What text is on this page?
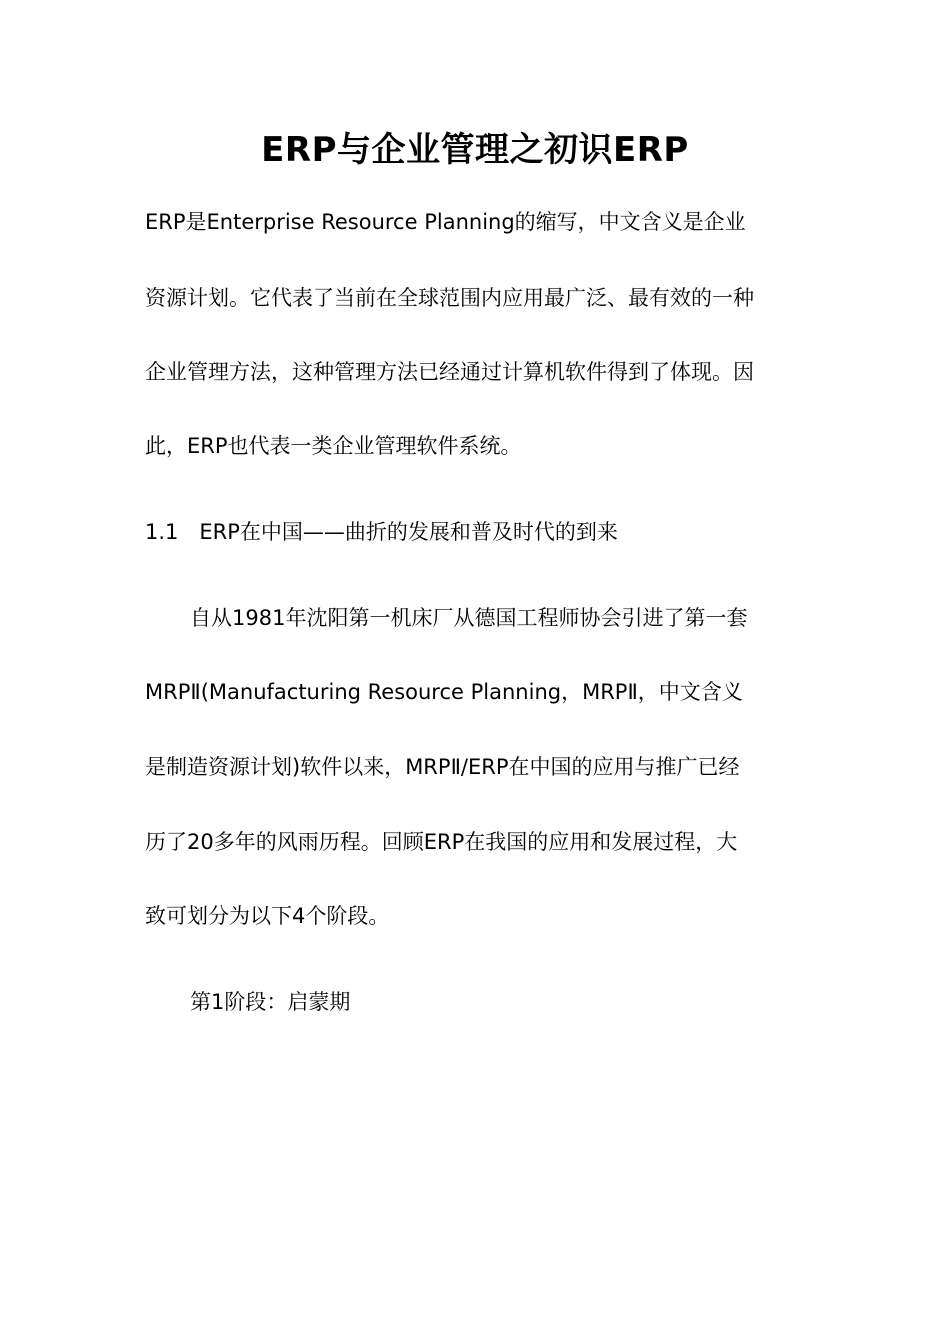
ERP与企业管理之初识ERP
ERP是Enterprise Resource Planning的缩写，中文含义是企业
资源计划。它代表了当前在全球范围内应用最广泛、最有效的一种
企业管理方法，这种管理方法已经通过计算机软件得到了体现。因
此，ERP也代表一类企业管理软件系统。
1.1　ERP在中国——曲折的发展和普及时代的到来
自从1981年沈阳第一机床厂从德国工程师协会引进了第一套
MRPⅡ(Manufacturing Resource Planning，MRPⅡ，中文含义
是制造资源计划)软件以来，MRPⅡ/ERP在中国的应用与推广已经
历了20多年的风雨历程。回顾ERP在我国的应用和发展过程，大
致可划分为以下4个阶段。
第1阶段：启蒙期
